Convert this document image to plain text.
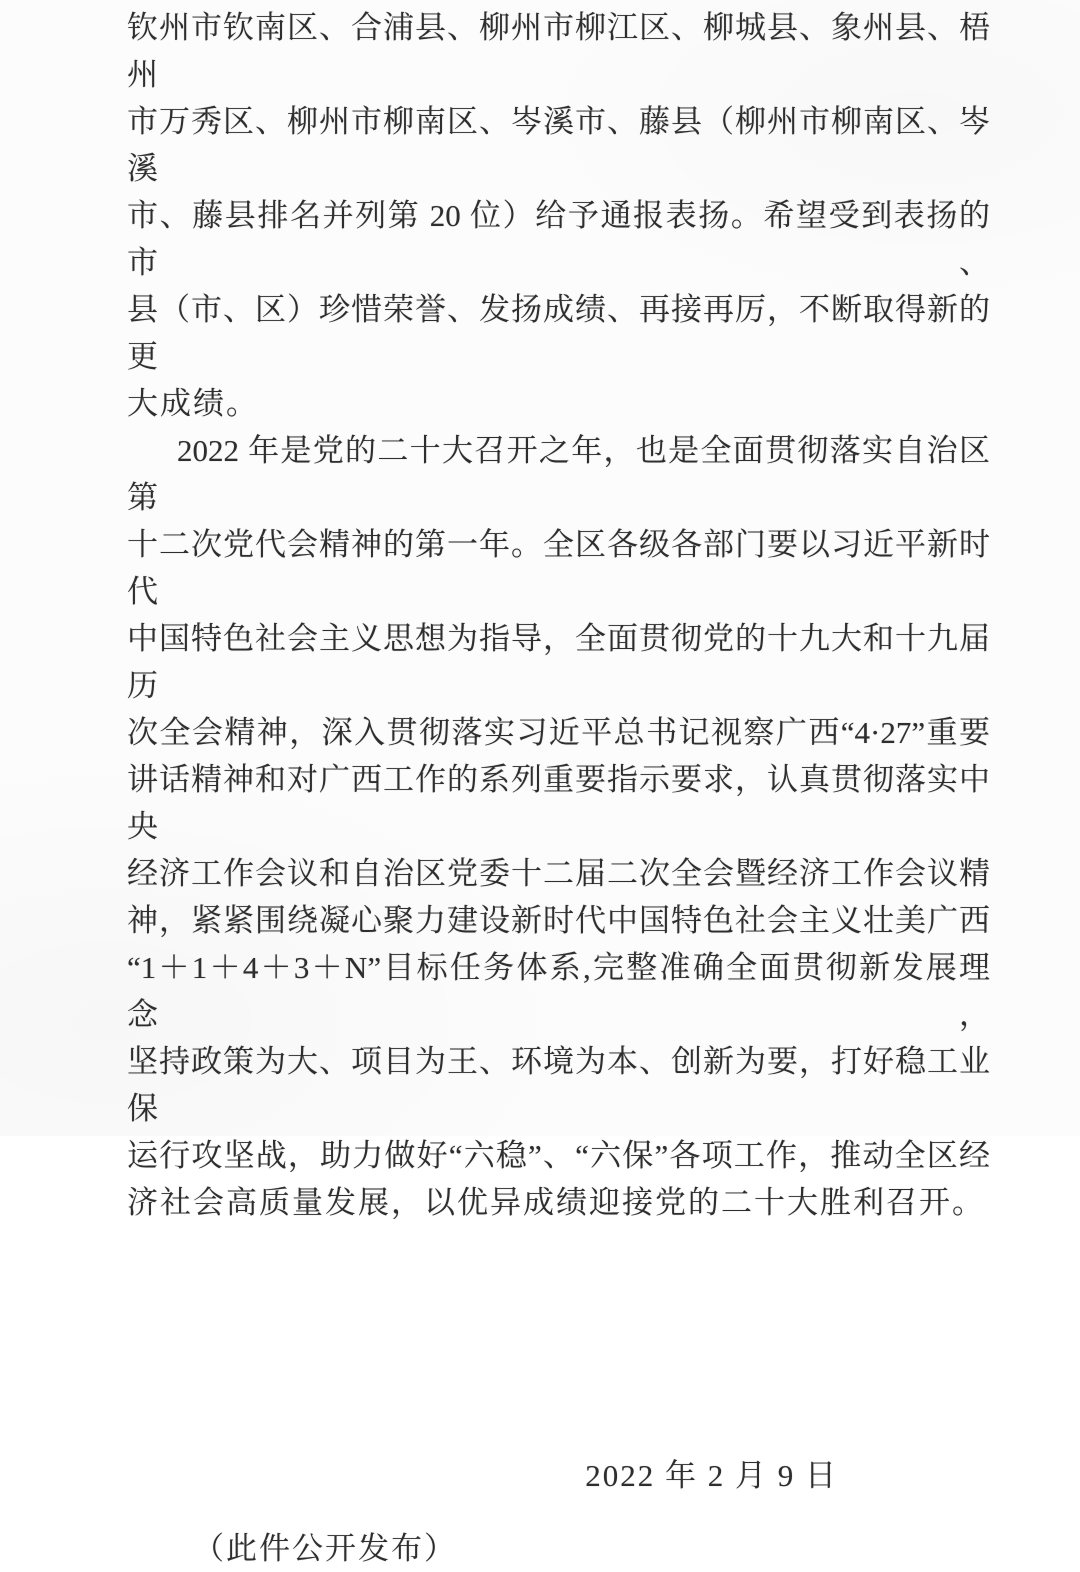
钦州市钦南区、合浦县、柳州市柳江区、柳城县、象州县、梧州
市万秀区、柳州市柳南区、岑溪市、藤县（柳州市柳南区、岑溪
市、藤县排名并列第 20 位）给予通报表扬。希望受到表扬的市、
县（市、区）珍惜荣誉、发扬成绩、再接再厉，不断取得新的更
大成绩。
2022 年是党的二十大召开之年，也是全面贯彻落实自治区第
十二次党代会精神的第一年。全区各级各部门要以习近平新时代
中国特色社会主义思想为指导，全面贯彻党的十九大和十九届历
次全会精神，深入贯彻落实习近平总书记视察广西“4·27”重要
讲话精神和对广西工作的系列重要指示要求，认真贯彻落实中央
经济工作会议和自治区党委十二届二次全会暨经济工作会议精
神，紧紧围绕凝心聚力建设新时代中国特色社会主义壮美广西
“1＋1＋4＋3＋N”目标任务体系,完整准确全面贯彻新发展理念，
坚持政策为大、项目为王、环境为本、创新为要，打好稳工业保
运行攻坚战，助力做好“六稳”、“六保”各项工作，推动全区经
济社会高质量发展，以优异成绩迎接党的二十大胜利召开。
2022 年 2 月 9 日
（此件公开发布）
